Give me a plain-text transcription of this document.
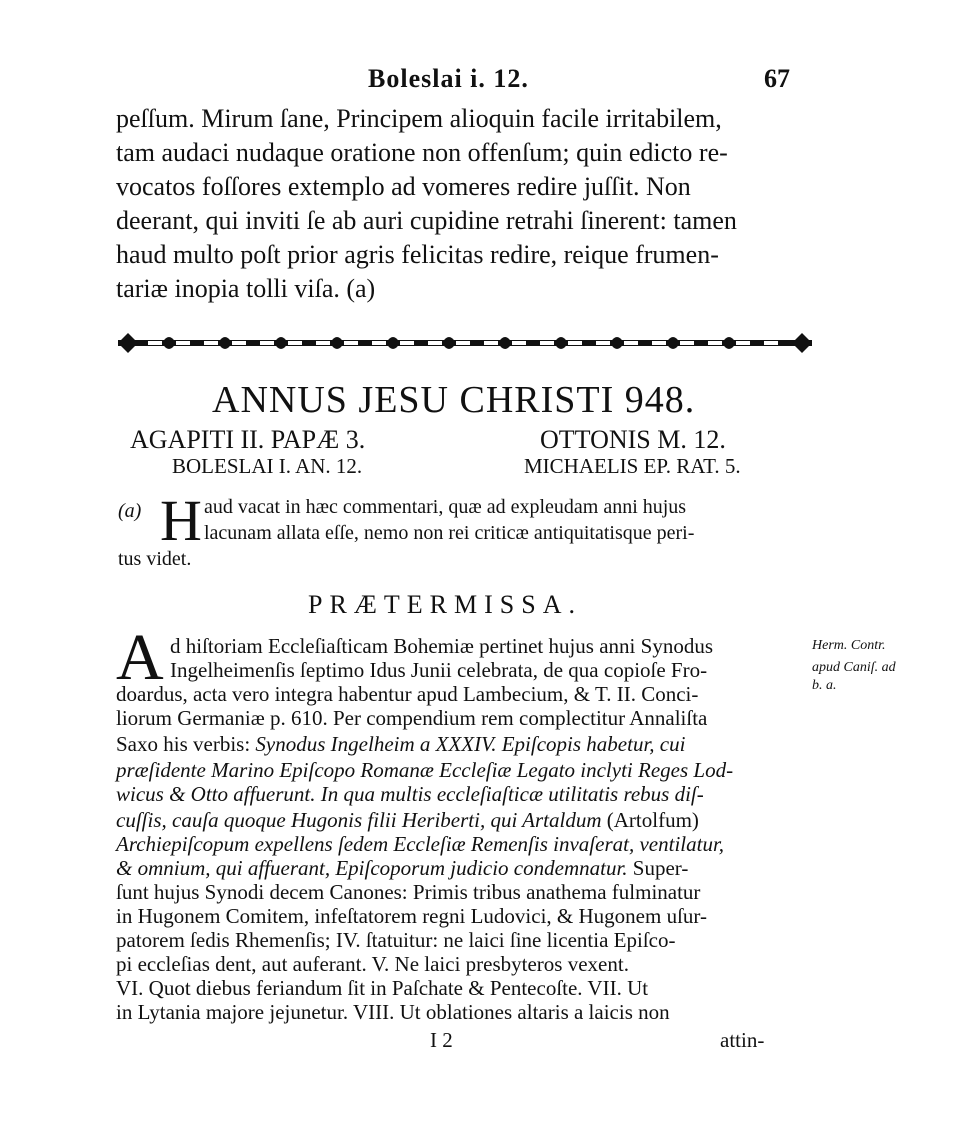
Boleslai i. 12.	67
peſſum. Mirum ſane, Principem alioquin facile irritabilem,
tam audaci nudaque oratione non offenſum; quin edicto re-
vocatos foſſores extemplo ad vomeres redire juſſit. Non
deerant, qui inviti ſe ab auri cupidine retrahi ſinerent: tamen
haud multo poſt prior agris felicitas redire, reique frumen-
tariæ inopia tolli viſa. (a)
ANNUS JESU CHRISTI 948.
AGAPITI II. PAPÆ 3.
BOLESLAI I. AN. 12.
OTTONIS M. 12.
MICHAELIS EP. RAT. 5.
(a) H aud vacat in hæc commentari, quæ ad expleudam anni hujus
lacunam allata eſſe, nemo non rei criticæ antiquitatisque peri-
tus videt.
PRÆTERMISSA.
A d hiſtoriam Eccleſiaſticam Bohemiæ pertinet hujus anni Synodus
Ingelheimenſis ſeptimo Idus Junii celebrata, de qua copioſe Fro-
doardus, acta vero integra habentur apud Lambecium, & T. II. Conci-
liorum Germaniæ p. 610. Per compendium rem complectitur Annaliſta
Saxo his verbis: Synodus Ingelheim a XXXIV. Epiſcopis habetur, cui
præſidente Marino Epiſcopo Romanæ Eccleſiæ Legato inclyti Reges Lod-
wicus & Otto affuerunt. In qua multis eccleſiaſticæ utilitatis rebus diſ-
cuſſis, cauſa quoque Hugonis filii Heriberti, qui Artaldum (Artolfum)
Archiepiſcopum expellens ſedem Eccleſiæ Remenſis invaſerat, ventilatur,
& omnium, qui affuerant, Epiſcoporum judicio condemnatur. Super-
ſunt hujus Synodi decem Canones: Primis tribus anathema fulminatur
in Hugonem Comitem, infeſtatorem regni Ludovici, & Hugonem uſur-
patorem ſedis Rhemenſis; IV. ſtatuitur: ne laici ſine licentia Epiſco-
pi eccleſias dent, aut auferant. V. Ne laici presbyteros vexent.
VI. Quot diebus feriandum ſit in Paſchate & Pentecoſte. VII. Ut
in Lytania majore jejunetur. VIII. Ut oblationes altaris a laicis non
Herm. Contr.
apud Caniſ. ad
b. a.
I 2	attin-
